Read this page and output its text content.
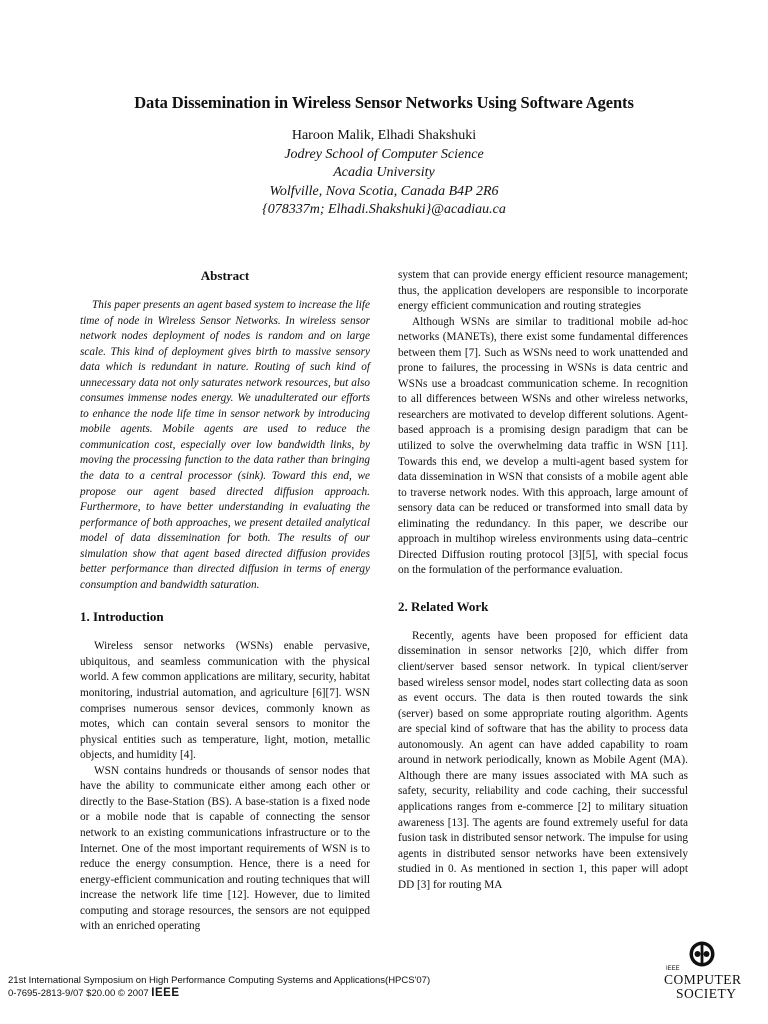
Data Dissemination in Wireless Sensor Networks Using Software Agents
Haroon Malik, Elhadi Shakshuki
Jodrey School of Computer Science
Acadia University
Wolfville, Nova Scotia, Canada B4P 2R6
{078337m; Elhadi.Shakshuki}@acadiau.ca
Abstract

This paper presents an agent based system to increase the life time of node in Wireless Sensor Networks. In wireless sensor network nodes deployment of nodes is random and on large scale. This kind of deployment gives birth to massive sensory data which is redundant in nature. Routing of such kind of unnecessary data not only saturates network resources, but also consumes immense nodes energy. We unadulterated our efforts to enhance the node life time in sensor network by introducing mobile agents. Mobile agents are used to reduce the communication cost, especially over low bandwidth links, by moving the processing function to the data rather than bringing the data to a central processor (sink). Toward this end, we propose our agent based directed diffusion approach. Furthermore, to have better understanding in evaluating the performance of both approaches, we present detailed analytical model of data dissemination for both. The results of our simulation show that agent based directed diffusion provides better performance than directed diffusion in terms of energy consumption and bandwidth saturation.

1. Introduction

Wireless sensor networks (WSNs) enable pervasive, ubiquitous, and seamless communication with the physical world. A few common applications are military, security, habitat monitoring, industrial automation, and agriculture [6][7]. WSN comprises numerous sensor devices, commonly known as motes, which can contain several sensors to monitor the physical entities such as temperature, light, motion, metallic objects, and humidity [4].

WSN contains hundreds or thousands of sensor nodes that have the ability to communicate either among each other or directly to the Base-Station (BS). A base-station is a fixed node or a mobile node that is capable of connecting the sensor network to an existing communications infrastructure or to the Internet. One of the most important requirements of WSN is to reduce the energy consumption. Hence, there is a need for energy-efficient communication and routing techniques that will increase the network life time [12]. However, due to limited computing and storage resources, the sensors are not equipped with an enriched operating

system that can provide energy efficient resource management; thus, the application developers are responsible to incorporate energy efficient communication and routing strategies

Although WSNs are similar to traditional mobile ad-hoc networks (MANETs), there exist some fundamental differences between them [7]. Such as WSNs need to work unattended and prone to failures, the processing in WSNs is data centric and WSNs use a broadcast communication scheme. In recognition to all differences between WSNs and other wireless networks, researchers are motivated to develop different solutions. Agent-based approach is a promising design paradigm that can be utilized to solve the overwhelming data traffic in WSN [11]. Towards this end, we develop a multi-agent based system for data dissemination in WSN that consists of a mobile agent able to traverse network nodes. With this approach, large amount of sensory data can be reduced or transformed into small data by eliminating the redundancy. In this paper, we describe our approach in multihop wireless environments using data–centric Directed Diffusion routing protocol [3][5], with special focus on the formulation of the performance evaluation.

2. Related Work

Recently, agents have been proposed for efficient data dissemination in sensor networks [2]0, which differ from client/server based sensor network. In typical client/server based wireless sensor model, nodes start collecting data as soon as event occurs. The data is then routed towards the sink (server) based on some appropriate routing algorithm. Agents are special kind of software that has the ability to process data autonomously. An agent can have added capability to roam around in network periodically, known as Mobile Agent (MA). Although there are many issues associated with MA such as safety, security, reliability and code caching, their successful applications ranges from e-commerce [2] to military situation awareness [13]. The agents are found extremely useful for data fusion task in distributed sensor network. The impulse for using agents in distributed sensor networks have been extensively studied in 0. As mentioned in section 1, this paper will adopt DD [3] for routing MA

21st International Symposium on High Performance Computing Systems and Applications(HPCS'07)
0-7695-2813-9/07 $20.00 © 2007 IEEE
IEEE
COMPUTER
SOCIETY
